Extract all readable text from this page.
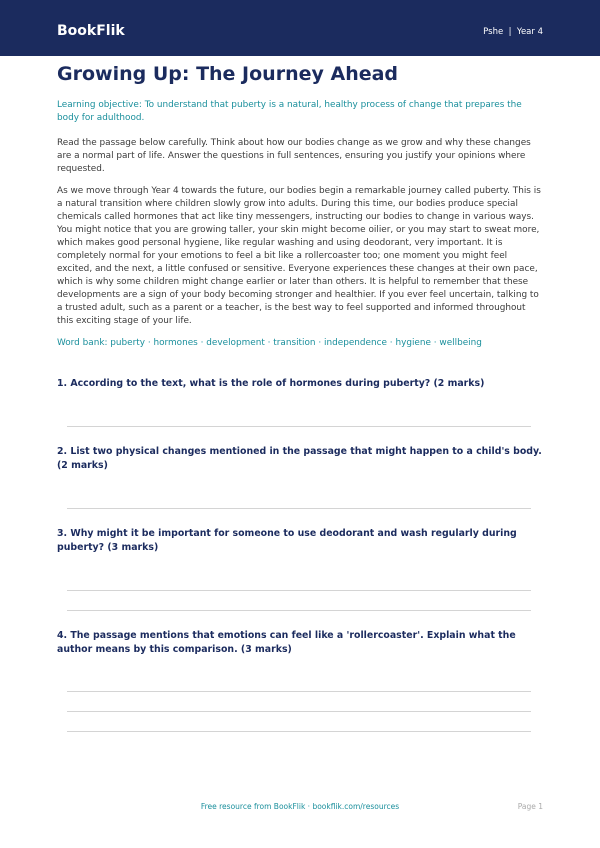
BookFlik	Pshe | Year 4
Growing Up: The Journey Ahead

Learning objective: To understand that puberty is a natural, healthy process of change that prepares the body for adulthood.

Read the passage below carefully. Think about how our bodies change as we grow and why these changes are a normal part of life. Answer the questions in full sentences, ensuring you justify your opinions where requested.

As we move through Year 4 towards the future, our bodies begin a remarkable journey called puberty. This is a natural transition where children slowly grow into adults. During this time, our bodies produce special chemicals called hormones that act like tiny messengers, instructing our bodies to change in various ways. You might notice that you are growing taller, your skin might become oilier, or you may start to sweat more, which makes good personal hygiene, like regular washing and using deodorant, very important. It is completely normal for your emotions to feel a bit like a rollercoaster too; one moment you might feel excited, and the next, a little confused or sensitive. Everyone experiences these changes at their own pace, which is why some children might change earlier or later than others. It is helpful to remember that these developments are a sign of your body becoming stronger and healthier. If you ever feel uncertain, talking to a trusted adult, such as a parent or a teacher, is the best way to feel supported and informed throughout this exciting stage of your life.

Word bank: puberty · hormones · development · transition · independence · hygiene · wellbeing

1. According to the text, what is the role of hormones during puberty? (2 marks)
2. List two physical changes mentioned in the passage that might happen to a child's body. (2 marks)
3. Why might it be important for someone to use deodorant and wash regularly during puberty? (3 marks)
4. The passage mentions that emotions can feel like a 'rollercoaster'. Explain what the author means by this comparison. (3 marks)
Free resource from BookFlik · bookflik.com/resources	Page 1
